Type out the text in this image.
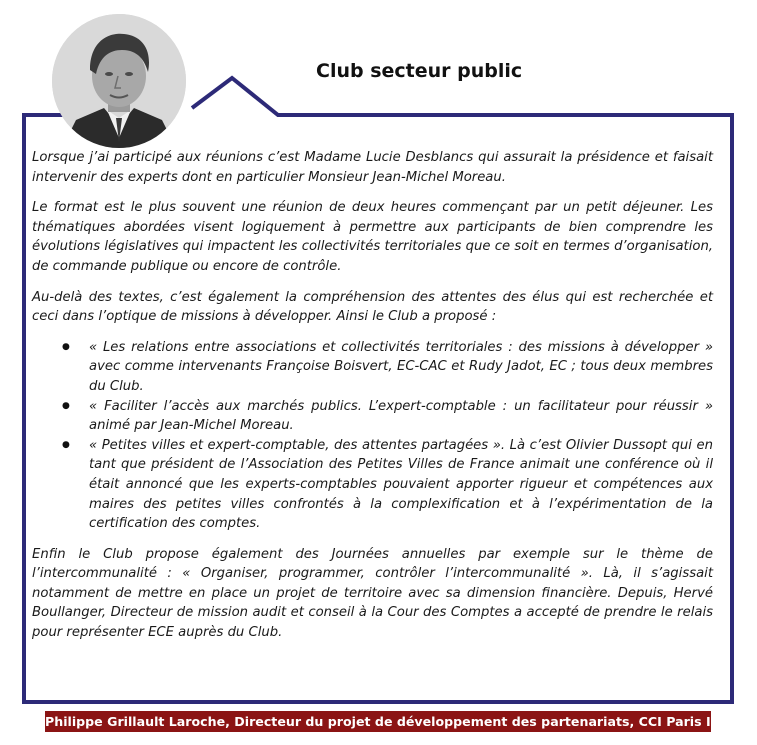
Club secteur public

Lorsque j’ai participé aux réunions c’est Madame Lucie Desblancs qui assurait la présidence et faisait intervenir des experts dont en particulier Monsieur Jean-Michel Moreau.

Le format est le plus souvent une réunion de deux heures commençant par un petit déjeuner. Les thématiques abordées visent logiquement à permettre aux participants de bien comprendre les évolutions législatives qui impactent les collectivités territoriales que ce soit en termes d’organisation, de commande publique ou encore de contrôle.

Au-delà des textes, c’est également la compréhension des attentes des élus qui est recherchée et ceci dans l’optique de missions à développer. Ainsi le Club a proposé :

● « Les relations entre associations et collectivités territoriales : des missions à développer » avec comme intervenants Françoise Boisvert, EC-CAC et Rudy Jadot, EC ; tous deux membres du Club.
● « Faciliter l’accès aux marchés publics. L’expert-comptable : un facilitateur pour réussir » animé par Jean-Michel Moreau.
● « Petites villes et expert-comptable, des attentes partagées ». Là c’est Olivier Dussopt qui en tant que président de l’Association des Petites Villes de France animait une conférence où il était annoncé que les experts-comptables pouvaient apporter rigueur et compétences aux maires des petites villes confrontés à la complexification et à l’expérimentation de la certification des comptes.

Enfin le Club propose également des Journées annuelles par exemple sur le thème de l’intercommunalité : « Organiser, programmer, contrôler l’intercommunalité ». Là, il s’agissait notamment de mettre en place un projet de territoire avec sa dimension financière. Depuis, Hervé Boullanger, Directeur de mission audit et conseil à la Cour des Comptes a accepté de prendre le relais pour représenter ECE auprès du Club.

Philippe Grillault Laroche, Directeur du projet de développement des partenariats, CCI Paris IDF
